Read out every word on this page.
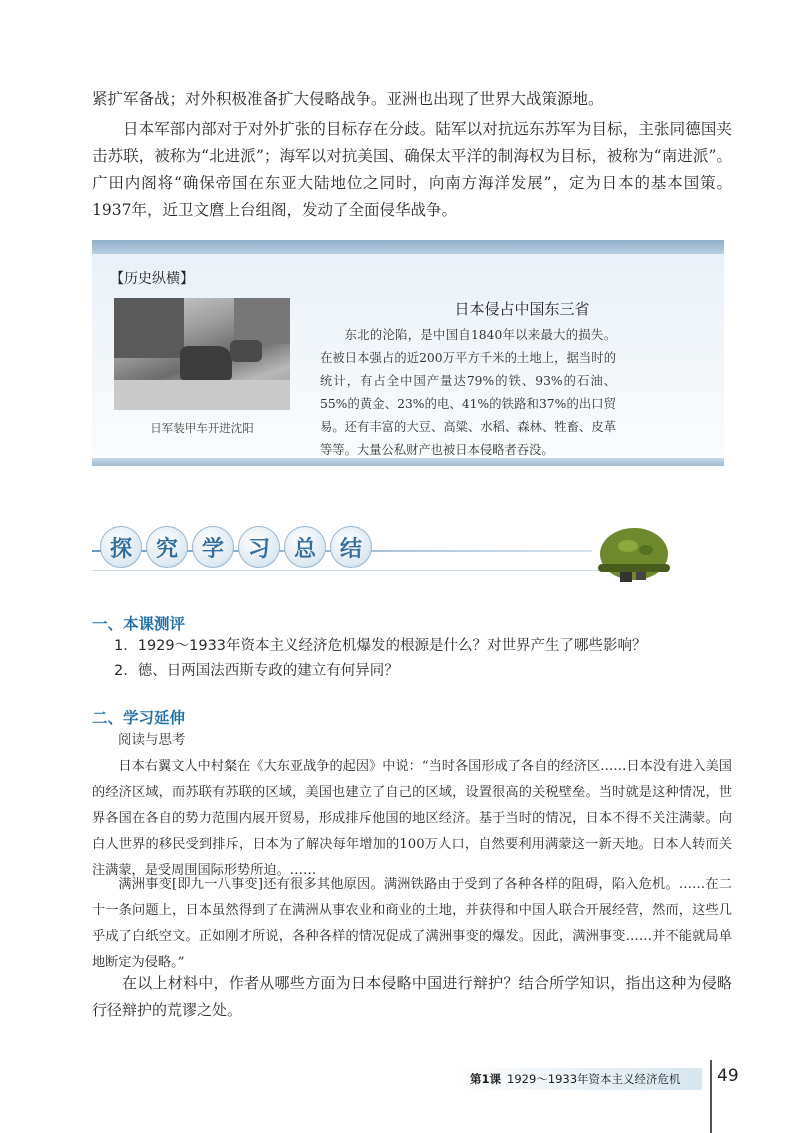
紧扩军备战；对外积极准备扩大侵略战争。亚洲也出现了世界大战策源地。
日本军部内部对于对外扩张的目标存在分歧。陆军以对抗远东苏军为目标，主张同德国夹击苏联，被称为“北进派”；海军以对抗美国、确保太平洋的制海权为目标，被称为“南进派”。广田内阁将“确保帝国在东亚大陆地位之同时，向南方海洋发展”，定为日本的基本国策。1937年，近卫文麿上台组阁，发动了全面侵华战争。
【历史纵横】
日军装甲车开进沈阳
日本侵占中国东三省
东北的沦陷，是中国自1840年以来最大的损失。在被日本强占的近200万平方千米的土地上，据当时的统计，有占全中国产量达79%的铁、93%的石油、55%的黄金、23%的电、41%的铁路和37%的出口贸易。还有丰富的大豆、高粱、水稻、森林、牲畜、皮革等等。大量公私财产也被日本侵略者吞没。
探	究	学	习	总	结
一、本课测评
1．1929～1933年资本主义经济危机爆发的根源是什么？对世界产生了哪些影响？
2．德、日两国法西斯专政的建立有何异同？
二、学习延伸
阅读与思考
日本右翼文人中村粲在《大东亚战争的起因》中说：“当时各国形成了各自的经济区……日本没有进入美国的经济区域，而苏联有苏联的区域，美国也建立了自己的区域，设置很高的关税壁垒。当时就是这种情况，世界各国在各自的势力范围内展开贸易，形成排斥他国的地区经济。基于当时的情况，日本不得不关注满蒙。向白人世界的移民受到排斥，日本为了解决每年增加的100万人口，自然要利用满蒙这一新天地。日本人转而关注满蒙，是受周围国际形势所迫。……
满洲事变[即九一八事变]还有很多其他原因。满洲铁路由于受到了各种各样的阻碍，陷入危机。……在二十一条问题上，日本虽然得到了在满洲从事农业和商业的土地，并获得和中国人联合开展经营，然而，这些几乎成了白纸空文。正如刚才所说，各种各样的情况促成了满洲事变的爆发。因此，满洲事变……并不能就局单地断定为侵略。”
在以上材料中，作者从哪些方面为日本侵略中国进行辩护？结合所学知识，指出这种为侵略行径辩护的荒谬之处。
第1课 1929～1933年资本主义经济危机 49
